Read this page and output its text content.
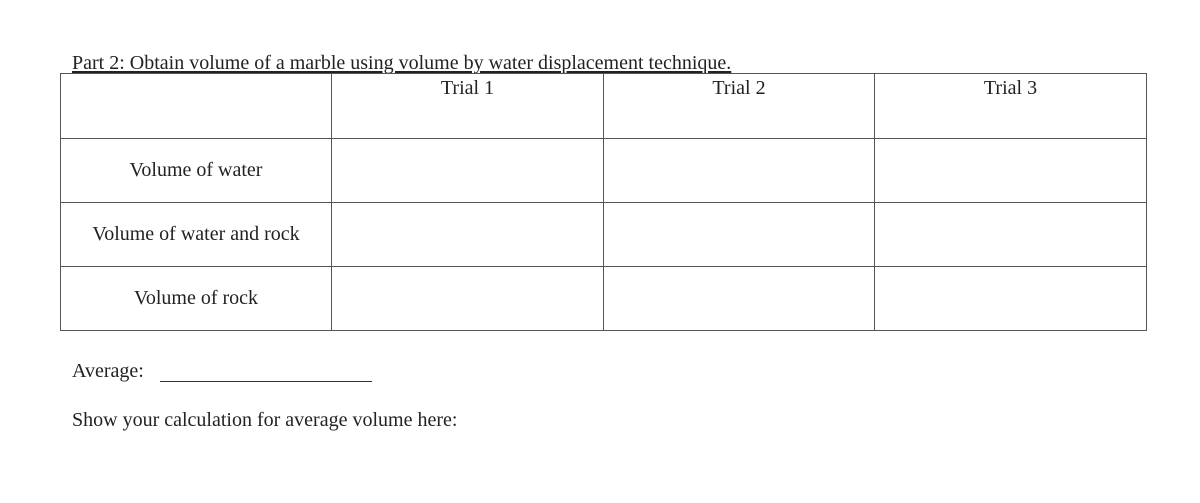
Part 2: Obtain volume of a marble using volume by water displacement technique.
	Trial 1	Trial 2	Trial 3
Volume of water			
Volume of water and rock			
Volume of rock			
Average:
Show your calculation for average volume here:
